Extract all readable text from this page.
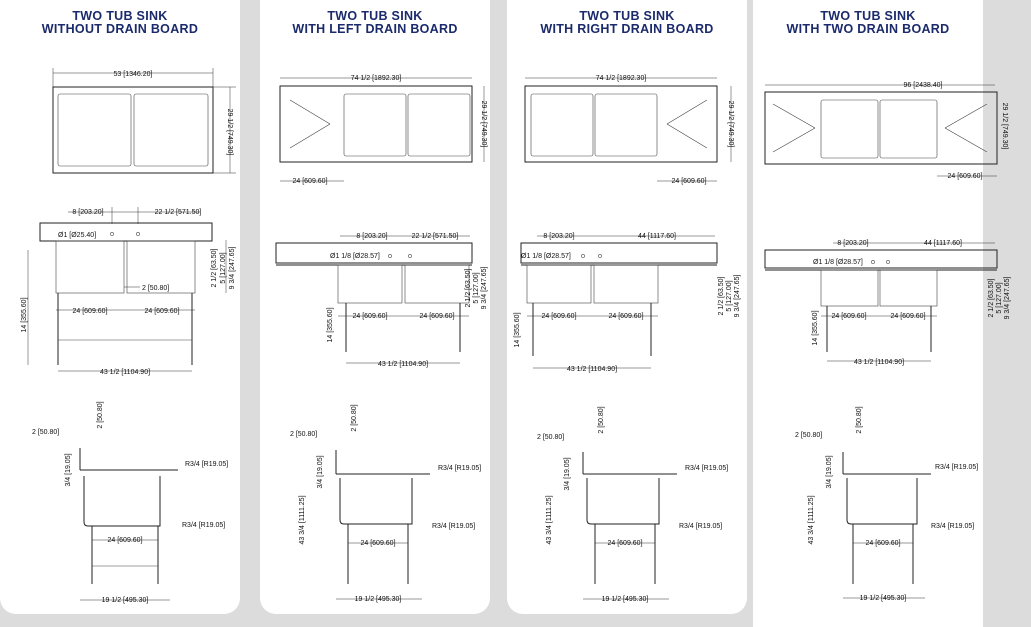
TWO TUB SINK
WITHOUT DRAIN BOARD
53 [1346.20]
29 1/2 [749.30]
8 [203.20]	22 1/2 [571.50]
Ø1 [Ø25.40]
2 [50.80]
24 [609.60]	24 [609.60]
14 [355.60]
2 1/2 [63.50] 5 [127.00] 9 3/4 [247.65]
43 1/2 [1104.90]
2 [50.80]
2 [50.80]
R3/4 [R19.05]
3/4 [19.05]
R3/4 [R19.05]
24 [609.60]
19 1/2 [495.30]
TWO TUB SINK
WITH LEFT DRAIN BOARD
74 1/2 [1892.30]
29 1/2 [749.30]
24 [609.60]
8 [203.20]	22 1/2 [571.50]
Ø1 1/8 [Ø28.57]
24 [609.60]	24 [609.60]
14 [355.60]
2 1/2 [63.50] 5 [127.00] 9 3/4 [247.65]
43 1/2 [1104.90]
2 [50.80]
2 [50.80]
R3/4 [R19.05]
3/4 [19.05]
R3/4 [R19.05]
43 3/4 [1111.25]	24 [609.60]
19 1/2 [495.30]
TWO TUB SINK
WITH RIGHT DRAIN BOARD
74 1/2 [1892.30]
29 1/2 [749.30]
24 [609.60]
8 [203.20]	44 [1117.60]
Ø1 1/8 [Ø28.57]
24 [609.60]	24 [609.60]
14 [355.60]
2 1/2 [63.50] 5 [127.00] 9 3/4 [247.65]
43 1/2 [1104.90]
2 [50.80]
2 [50.80]
R3/4 [R19.05]
3/4 [19.05]
R3/4 [R19.05]
43 3/4 [1111.25]	24 [609.60]
19 1/2 [495.30]
TWO TUB SINK
WITH TWO DRAIN BOARD
96 [2438.40]
29 1/2 [749.30]
24 [609.60]
8 [203.20]	44 [1117.60]
Ø1 1/8 [Ø28.57]
24 [609.60]	24 [609.60]
14 [355.60]
2 1/2 [63.50] 5 [127.00] 9 3/4 [247.65]
43 1/2 [1104.90]
2 [50.80]
2 [50.80]
R3/4 [R19.05]
3/4 [19.05]
R3/4 [R19.05]
43 3/4 [1111.25]	24 [609.60]
19 1/2 [495.30]
